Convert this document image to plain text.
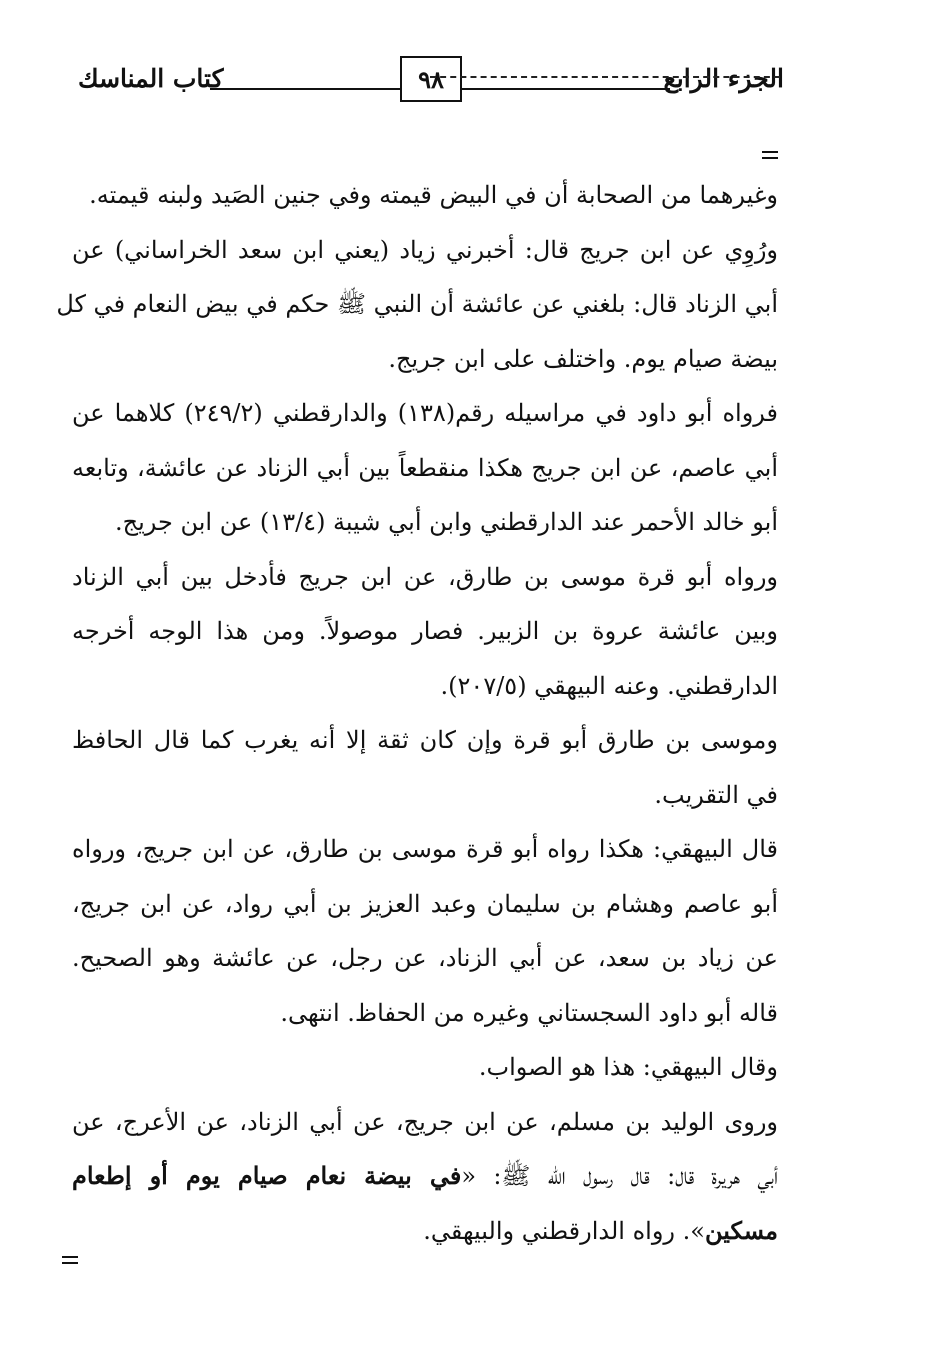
الجزء الرابع
٩٨
كتاب المناسك
وغيرهما من الصحابة أن في البيض قيمته وفي جنين الصَيد ولبنه قيمته.
ورُوِي عن ابن جريج قال: أخبرني زياد (يعني ابن سعد الخراساني) عن
أبي الزناد قال: بلغني عن عائشة أن النبي ﷺ حكم في بيض النعام في كل
بيضة صيام يوم. واختلف على ابن جريج.
فرواه أبو داود في مراسيله رقم(١٣٨) والدارقطني (٢٤٩/٢) كلاهما عن
أبي عاصم، عن ابن جريج هكذا منقطعاً بين أبي الزناد عن عائشة، وتابعه
أبو خالد الأحمر عند الدارقطني وابن أبي شيبة (١٣/٤) عن ابن جريج.
ورواه أبو قرة موسى بن طارق، عن ابن جريج فأدخل بين أبي الزناد
وبين عائشة عروة بن الزبير. فصار موصولاً. ومن هذا الوجه أخرجه
الدارقطني. وعنه البيهقي (٢٠٧/٥).
وموسى بن طارق أبو قرة وإن كان ثقة إلا أنه يغرب كما قال الحافظ
في التقريب.
قال البيهقي: هكذا رواه أبو قرة موسى بن طارق، عن ابن جريج، ورواه
أبو عاصم وهشام بن سليمان وعبد العزيز بن أبي رواد، عن ابن جريج،
عن زياد بن سعد، عن أبي الزناد، عن رجل، عن عائشة وهو الصحيح.
قاله أبو داود السجستاني وغيره من الحفاظ. انتهى.
وقال البيهقي: هذا هو الصواب.
وروى الوليد بن مسلم، عن ابن جريج، عن أبي الزناد، عن الأعرج، عن
أبي هريرة قال: قال رسول الله ﷺ: «في بيضة نعام صيام يوم أو إطعام
مسكين». رواه الدارقطني والبيهقي.
